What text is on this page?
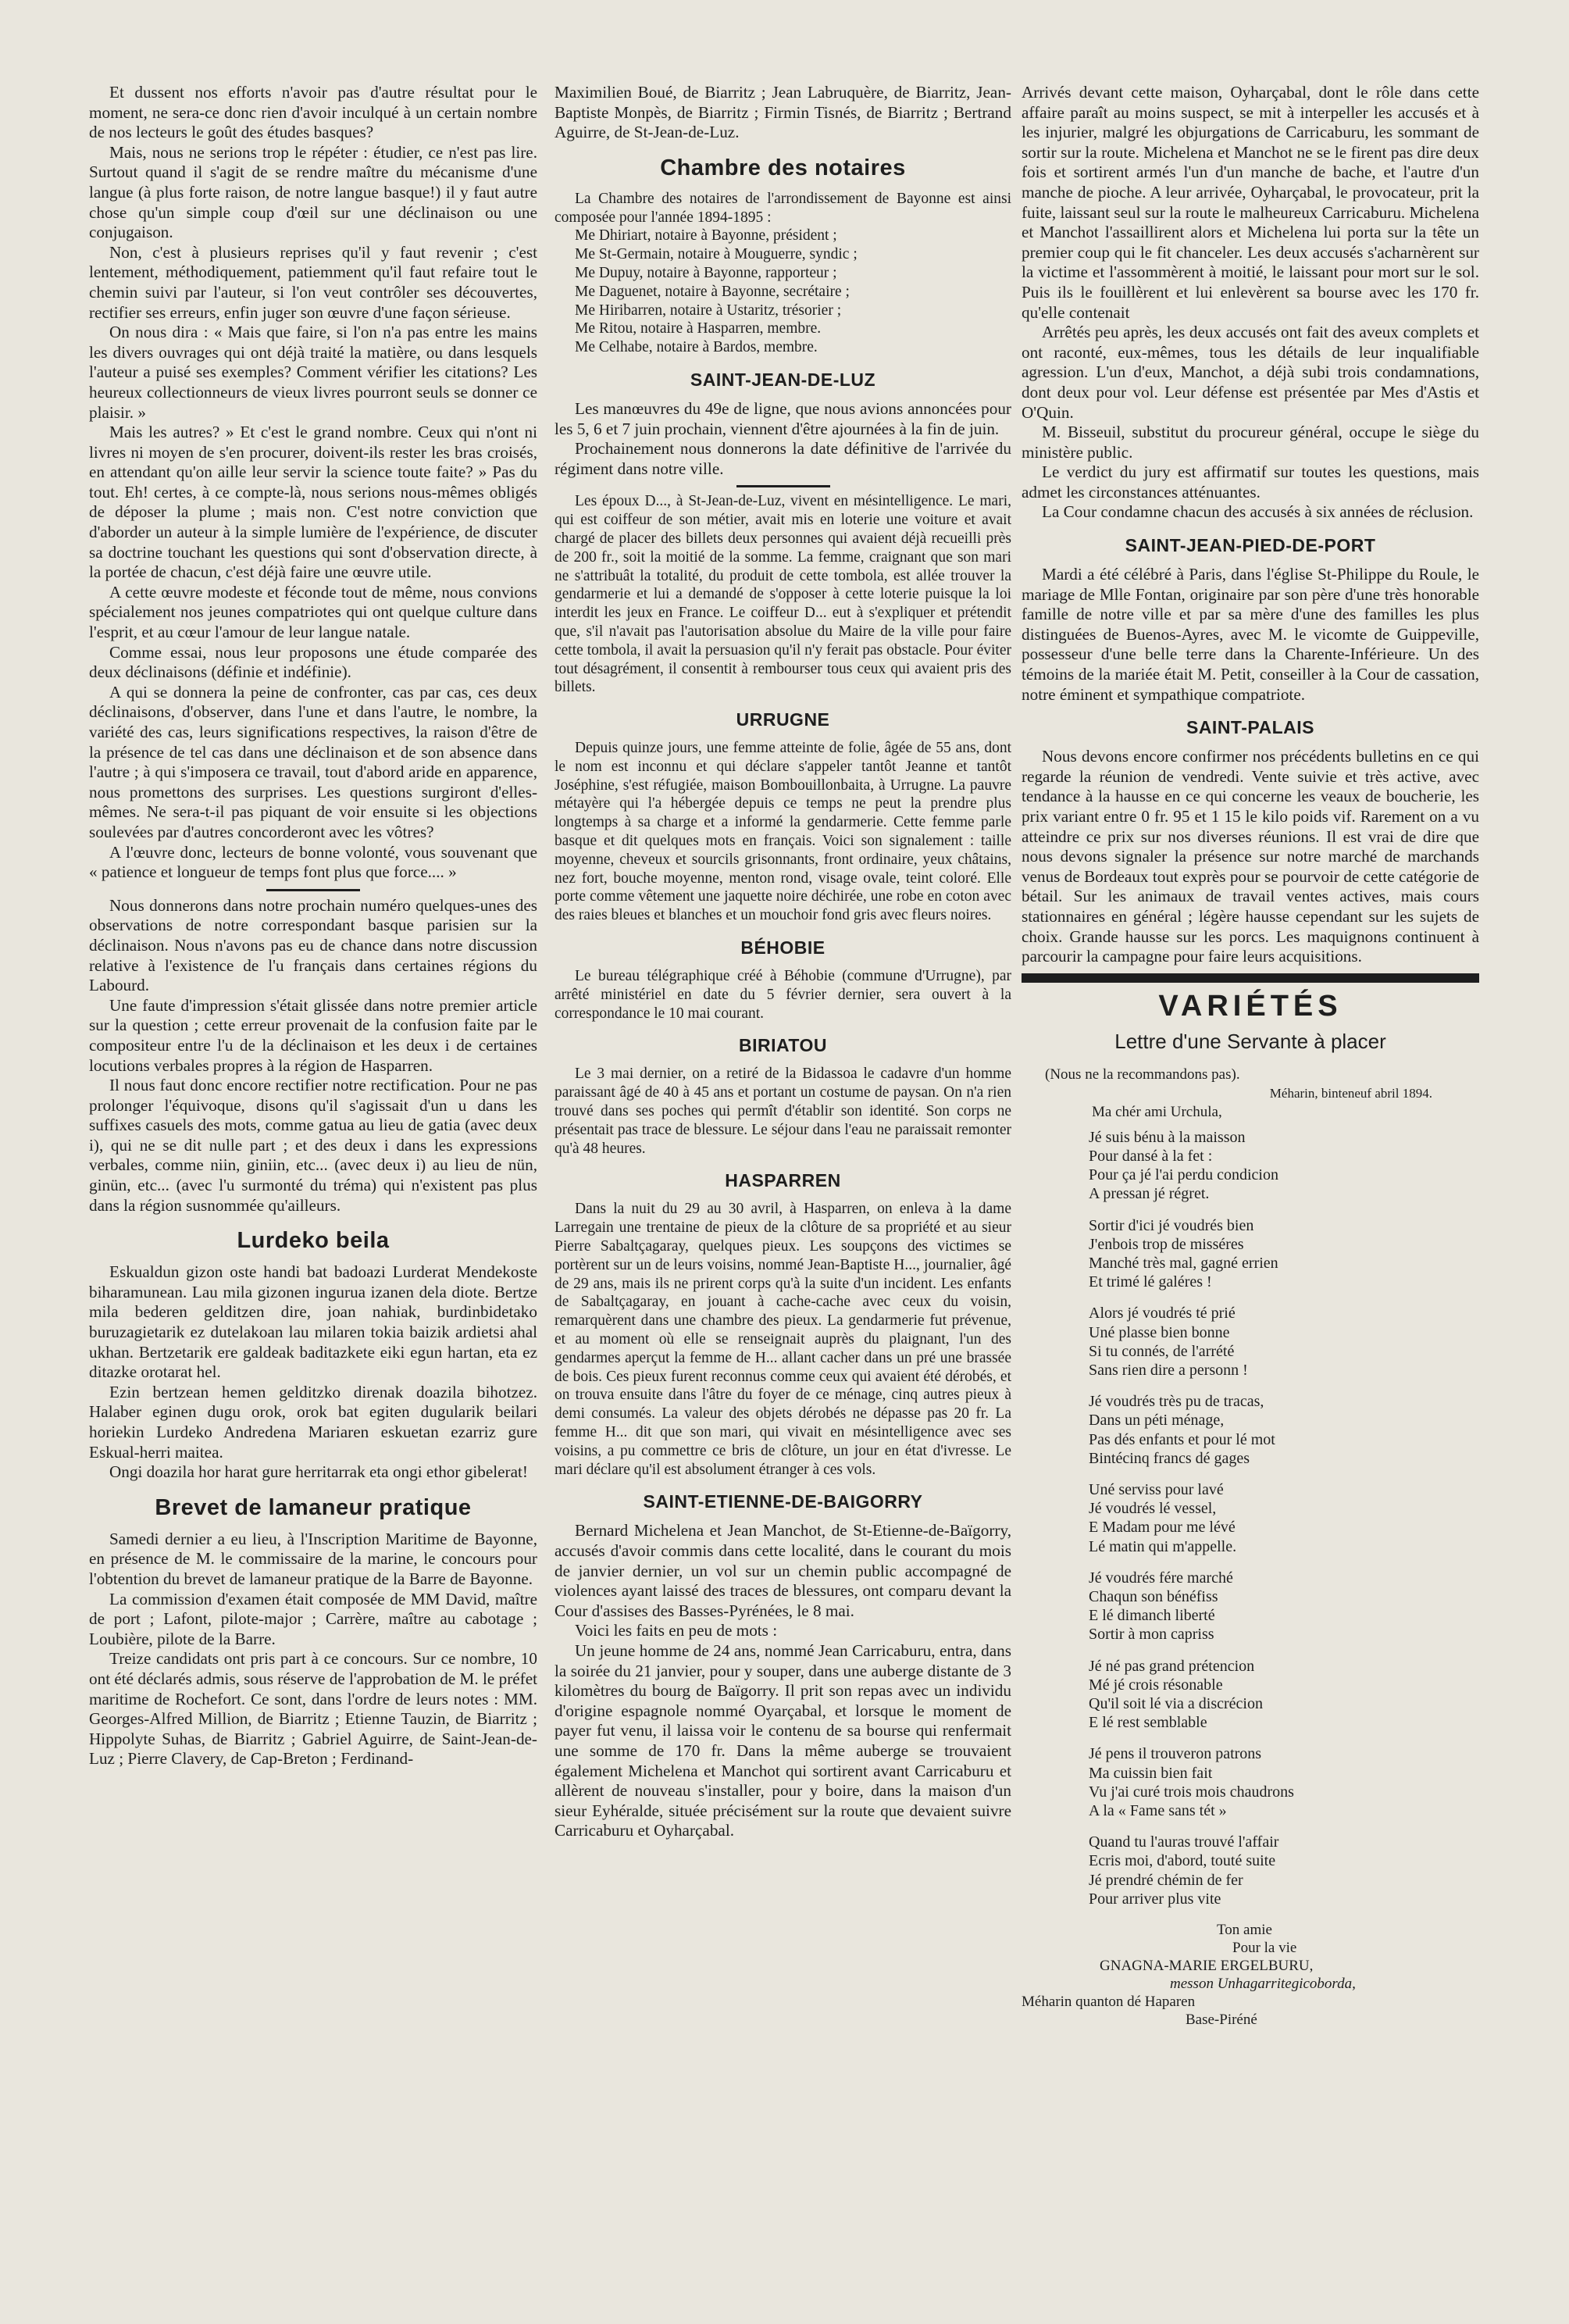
Et dussent nos efforts n'avoir pas d'autre résultat pour le moment, ne sera-ce donc rien d'avoir inculqué à un certain nombre de nos lecteurs le goût des études basques?

Mais, nous ne serions trop le répéter : étudier, ce n'est pas lire. Surtout quand il s'agit de se rendre maître du mécanisme d'une langue (à plus forte raison, de notre langue basque!) il y faut autre chose qu'un simple coup d'œil sur une déclinaison ou une conjugaison.

Non, c'est à plusieurs reprises qu'il y faut revenir ; c'est lentement, méthodiquement, patiemment qu'il faut refaire tout le chemin suivi par l'auteur, si l'on veut contrôler ses découvertes, rectifier ses erreurs, enfin juger son œuvre d'une façon sérieuse.

On nous dira : « Mais que faire, si l'on n'a pas entre les mains les divers ouvrages qui ont déjà traité la matière, ou dans lesquels l'auteur a puisé ses exemples? Comment vérifier les citations? Les heureux collectionneurs de vieux livres pourront seuls se donner ce plaisir. »

Mais les autres? » Et c'est le grand nombre. Ceux qui n'ont ni livres ni moyen de s'en procurer, doivent-ils rester les bras croisés, en attendant qu'on aille leur servir la science toute faite? » Pas du tout. Eh! certes, à ce compte-là, nous serions nous-mêmes obligés de déposer la plume ; mais non. C'est notre conviction que d'aborder un auteur à la simple lumière de l'expérience, de discuter sa doctrine touchant les questions qui sont d'observation directe, à la portée de chacun, c'est déjà faire une œuvre utile.

A cette œuvre modeste et féconde tout de même, nous convions spécialement nos jeunes compatriotes qui ont quelque culture dans l'esprit, et au cœur l'amour de leur langue natale.

Comme essai, nous leur proposons une étude comparée des deux déclinaisons (définie et indéfinie).

A qui se donnera la peine de confronter, cas par cas, ces deux déclinaisons, d'observer, dans l'une et dans l'autre, le nombre, la variété des cas, leurs significations respectives, la raison d'être de la présence de tel cas dans une déclinaison et de son absence dans l'autre ; à qui s'imposera ce travail, tout d'abord aride en apparence, nous promettons des surprises. Les questions surgiront d'elles-mêmes. Ne sera-t-il pas piquant de voir ensuite si les objections soulevées par d'autres concorderont avec les vôtres?

A l'œuvre donc, lecteurs de bonne volonté, vous souvenant que « patience et longueur de temps font plus que force.... »

Nous donnerons dans notre prochain numéro quelques-unes des observations de notre correspondant basque parisien sur la déclinaison. Nous n'avons pas eu de chance dans notre discussion relative à l'existence de l'u français dans certaines régions du Labourd.

Une faute d'impression s'était glissée dans notre premier article sur la question ; cette erreur provenait de la confusion faite par le compositeur entre l'u de la déclinaison et les deux i de certaines locutions verbales propres à la région de Hasparren.

Il nous faut donc encore rectifier notre rectification. Pour ne pas prolonger l'équivoque, disons qu'il s'agissait d'un u dans les suffixes casuels des mots, comme gatua au lieu de gatia (avec deux i), qui ne se dit nulle part ; et des deux i dans les expressions verbales, comme niin, giniin, etc... (avec deux i) au lieu de nün, ginün, etc... (avec l'u surmonté du tréma) qui n'existent pas plus dans la région susnommée qu'ailleurs.

Lurdeko beila

Eskualdun gizon oste handi bat badoazi Lurderat Mendekoste biharamunean. Lau mila gizonen ingurua izanen dela diote. Bertze mila bederen gelditzen dire, joan nahiak, burdinbidetako buruzagietarik ez dutelakoan lau milaren tokia baizik ardietsi ahal ukhan. Bertzetarik ere galdeak baditazkete eiki egun hartan, eta ez ditazke orotarat hel.

Ezin bertzean hemen gelditzko direnak doazila bihotzez. Halaber eginen dugu orok, orok bat egiten dugularik beilari horiekin Lurdeko Andredena Mariaren eskuetan ezarriz gure Eskual-herri maitea.

Ongi doazila hor harat gure herritarrak eta ongi ethor gibelerat!

Brevet de lamaneur pratique

Samedi dernier a eu lieu, à l'Inscription Maritime de Bayonne, en présence de M. le commissaire de la marine, le concours pour l'obtention du brevet de lamaneur pratique de la Barre de Bayonne.

La commission d'examen était composée de MM David, maître de port ; Lafont, pilote-major ; Carrère, maître au cabotage ; Loubière, pilote de la Barre.

Treize candidats ont pris part à ce concours. Sur ce nombre, 10 ont été déclarés admis, sous réserve de l'approbation de M. le préfet maritime de Rochefort. Ce sont, dans l'ordre de leurs notes : MM. Georges-Alfred Million, de Biarritz ; Etienne Tauzin, de Biarritz ; Hippolyte Suhas, de Biarritz ; Gabriel Aguirre, de Saint-Jean-de-Luz ; Pierre Clavery, de Cap-Breton ; Ferdinand-

Maximilien Boué, de Biarritz ; Jean Labruquère, de Biarritz, Jean-Baptiste Monpès, de Biarritz ; Firmin Tisnés, de Biarritz ; Bertrand Aguirre, de St-Jean-de-Luz.

Chambre des notaires

La Chambre des notaires de l'arrondissement de Bayonne est ainsi composée pour l'année 1894-1895 :

Me Dhiriart, notaire à Bayonne, président ;
Me St-Germain, notaire à Mouguerre, syndic ;
Me Dupuy, notaire à Bayonne, rapporteur ;
Me Daguenet, notaire à Bayonne, secrétaire ;
Me Hiribarren, notaire à Ustaritz, trésorier ;
Me Ritou, notaire à Hasparren, membre.
Me Celhabe, notaire à Bardos, membre.
SAINT-JEAN-DE-LUZ

Les manœuvres du 49e de ligne, que nous avions annoncées pour les 5, 6 et 7 juin prochain, viennent d'être ajournées à la fin de juin.

Prochainement nous donnerons la date définitive de l'arrivée du régiment dans notre ville.

Les époux D..., à St-Jean-de-Luz, vivent en mésintelligence. Le mari, qui est coiffeur de son métier, avait mis en loterie une voiture et avait chargé de placer des billets deux personnes qui avaient déjà recueilli près de 200 fr., soit la moitié de la somme. La femme, craignant que son mari ne s'attribuât la totalité, du produit de cette tombola, est allée trouver la gendarmerie et lui a demandé de s'opposer à cette loterie puisque la loi interdit les jeux en France. Le coiffeur D... eut à s'expliquer et prétendit que, s'il n'avait pas l'autorisation absolue du Maire de la ville pour faire cette tombola, il avait la persuasion qu'il n'y ferait pas obstacle. Pour éviter tout désagrément, il consentit à rembourser tous ceux qui avaient pris des billets.

URRUGNE

Depuis quinze jours, une femme atteinte de folie, âgée de 55 ans, dont le nom est inconnu et qui déclare s'appeler tantôt Jeanne et tantôt Joséphine, s'est réfugiée, maison Bombouillonbaita, à Urrugne. La pauvre métayère qui l'a hébergée depuis ce temps ne peut la prendre plus longtemps à sa charge et a informé la gendarmerie. Cette femme parle basque et dit quelques mots en français. Voici son signalement : taille moyenne, cheveux et sourcils grisonnants, front ordinaire, yeux châtains, nez fort, bouche moyenne, menton rond, visage ovale, teint coloré. Elle porte comme vêtement une jaquette noire déchirée, une robe en coton avec des raies bleues et blanches et un mouchoir fond gris avec fleurs noires.

BÉHOBIE

Le bureau télégraphique créé à Béhobie (commune d'Urrugne), par arrêté ministériel en date du 5 février dernier, sera ouvert à la correspondance le 10 mai courant.

BIRIATOU

Le 3 mai dernier, on a retiré de la Bidassoa le cadavre d'un homme paraissant âgé de 40 à 45 ans et portant un costume de paysan. On n'a rien trouvé dans ses poches qui permît d'établir son identité. Son corps ne présentait pas trace de blessure. Le séjour dans l'eau ne paraissait remonter qu'à 48 heures.

HASPARREN

Dans la nuit du 29 au 30 avril, à Hasparren, on enleva à la dame Larregain une trentaine de pieux de la clôture de sa propriété et au sieur Pierre Sabaltçagaray, quelques pieux. Les soupçons des victimes se portèrent sur un de leurs voisins, nommé Jean-Baptiste H..., journalier, âgé de 29 ans, mais ils ne prirent corps qu'à la suite d'un incident. Les enfants de Sabaltçagaray, en jouant à cache-cache avec ceux du voisin, remarquèrent dans une chambre des pieux. La gendarmerie fut prévenue, et au moment où elle se renseignait auprès du plaignant, l'un des gendarmes aperçut la femme de H... allant cacher dans un pré une brassée de bois. Ces pieux furent reconnus comme ceux qui avaient été dérobés, et on trouva ensuite dans l'âtre du foyer de ce ménage, cinq autres pieux à demi consumés. La valeur des objets dérobés ne dépasse pas 20 fr. La femme H... dit que son mari, qui vivait en mésintelligence avec ses voisins, a pu commettre ce bris de clôture, un jour en état d'ivresse. Le mari déclare qu'il est absolument étranger à ces vols.

SAINT-ETIENNE-DE-BAIGORRY

Bernard Michelena et Jean Manchot, de St-Etienne-de-Baïgorry, accusés d'avoir commis dans cette localité, dans le courant du mois de janvier dernier, un vol sur un chemin public accompagné de violences ayant laissé des traces de blessures, ont comparu devant la Cour d'assises des Basses-Pyrénées, le 8 mai.

Voici les faits en peu de mots :

Un jeune homme de 24 ans, nommé Jean Carricaburu, entra, dans la soirée du 21 janvier, pour y souper, dans une auberge distante de 3 kilomètres du bourg de Baïgorry. Il prit son repas avec un individu d'origine espagnole nommé Oyarçabal, et lorsque le moment de payer fut venu, il laissa voir le contenu de sa bourse qui renfermait une somme de 170 fr. Dans la même auberge se trouvaient également Michelena et Manchot qui sortirent avant Carricaburu et allèrent de nouveau s'installer, pour y boire, dans la maison d'un sieur Eyhéralde, située précisément sur la route que devaient suivre Carricaburu et Oyharçabal.

Arrivés devant cette maison, Oyharçabal, dont le rôle dans cette affaire paraît au moins suspect, se mit à interpeller les accusés et à les injurier, malgré les objurgations de Carricaburu, les sommant de sortir sur la route. Michelena et Manchot ne se le firent pas dire deux fois et sortirent armés l'un d'un manche de bache, et l'autre d'un manche de pioche. A leur arrivée, Oyharçabal, le provocateur, prit la fuite, laissant seul sur la route le malheureux Carricaburu. Michelena et Manchot l'assaillirent alors et Michelena lui porta sur la tête un premier coup qui le fit chanceler. Les deux accusés s'acharnèrent sur la victime et l'assommèrent à moitié, le laissant pour mort sur le sol. Puis ils le fouillèrent et lui enlevèrent sa bourse avec les 170 fr. qu'elle contenait

Arrêtés peu après, les deux accusés ont fait des aveux complets et ont raconté, eux-mêmes, tous les détails de leur inqualifiable agression. L'un d'eux, Manchot, a déjà subi trois condamnations, dont deux pour vol. Leur défense est présentée par Mes d'Astis et O'Quin.

M. Bisseuil, substitut du procureur général, occupe le siège du ministère public.

Le verdict du jury est affirmatif sur toutes les questions, mais admet les circonstances atténuantes.

La Cour condamne chacun des accusés à six années de réclusion.

SAINT-JEAN-PIED-DE-PORT

Mardi a été célébré à Paris, dans l'église St-Philippe du Roule, le mariage de Mlle Fontan, originaire par son père d'une très honorable famille de notre ville et par sa mère d'une des familles les plus distinguées de Buenos-Ayres, avec M. le vicomte de Guippeville, possesseur d'une belle terre dans la Charente-Inférieure. Un des témoins de la mariée était M. Petit, conseiller à la Cour de cassation, notre éminent et sympathique compatriote.

SAINT-PALAIS

Nous devons encore confirmer nos précédents bulletins en ce qui regarde la réunion de vendredi. Vente suivie et très active, avec tendance à la hausse en ce qui concerne les veaux de boucherie, les prix variant entre 0 fr. 95 et 1 15 le kilo poids vif. Rarement on a vu atteindre ce prix sur nos diverses réunions. Il est vrai de dire que nous devons signaler la présence sur notre marché de marchands venus de Bordeaux tout exprès pour se pourvoir de cette catégorie de bétail. Sur les animaux de travail ventes actives, mais cours stationnaires en général ; légère hausse cependant sur les sujets de choix. Grande hausse sur les porcs. Les maquignons continuent à parcourir la campagne pour faire leurs acquisitions.

VARIÉTÉS
Lettre d'une Servante à placer
(Nous ne la recommandons pas).
Méharin, binteneuf abril 1894.
Ma chér ami Urchula,
Jé suis bénu à la maisson
Pour dansé à la fet :
Pour ça jé l'ai perdu condicion
A pressan jé régret.
Sortir d'ici jé voudrés bien
J'enbois trop de misséres
Manché très mal, gagné errien
Et trimé lé galéres !
Alors jé voudrés té prié
Uné plasse bien bonne
Si tu connés, de l'arrété
Sans rien dire a personn !
Jé voudrés très pu de tracas,
Dans un péti ménage,
Pas dés enfants et pour lé mot
Bintécinq francs dé gages
Uné serviss pour lavé
Jé voudrés lé vessel,
E Madam pour me lévé
Lé matin qui m'appelle.
Jé voudrés fére marché
Chaqun son bénéfiss
E lé dimanch liberté
Sortir à mon capriss
Jé né pas grand prétencion
Mé jé crois résonable
Qu'il soit lé via a discrécion
E lé rest semblable
Jé pens il trouveron patrons
Ma cuissin bien fait
Vu j'ai curé trois mois chaudrons
A la « Fame sans tét »
Quand tu l'auras trouvé l'affair
Ecris moi, d'abord, touté suite
Jé prendré chémin de fer
Pour arriver plus vite
Ton amie
Pour la vie
GNAGNA-MARIE ERGELBURU,
messon Unhagarritegicoborda,
Méharin quanton dé Haparen
Base-Piréné
